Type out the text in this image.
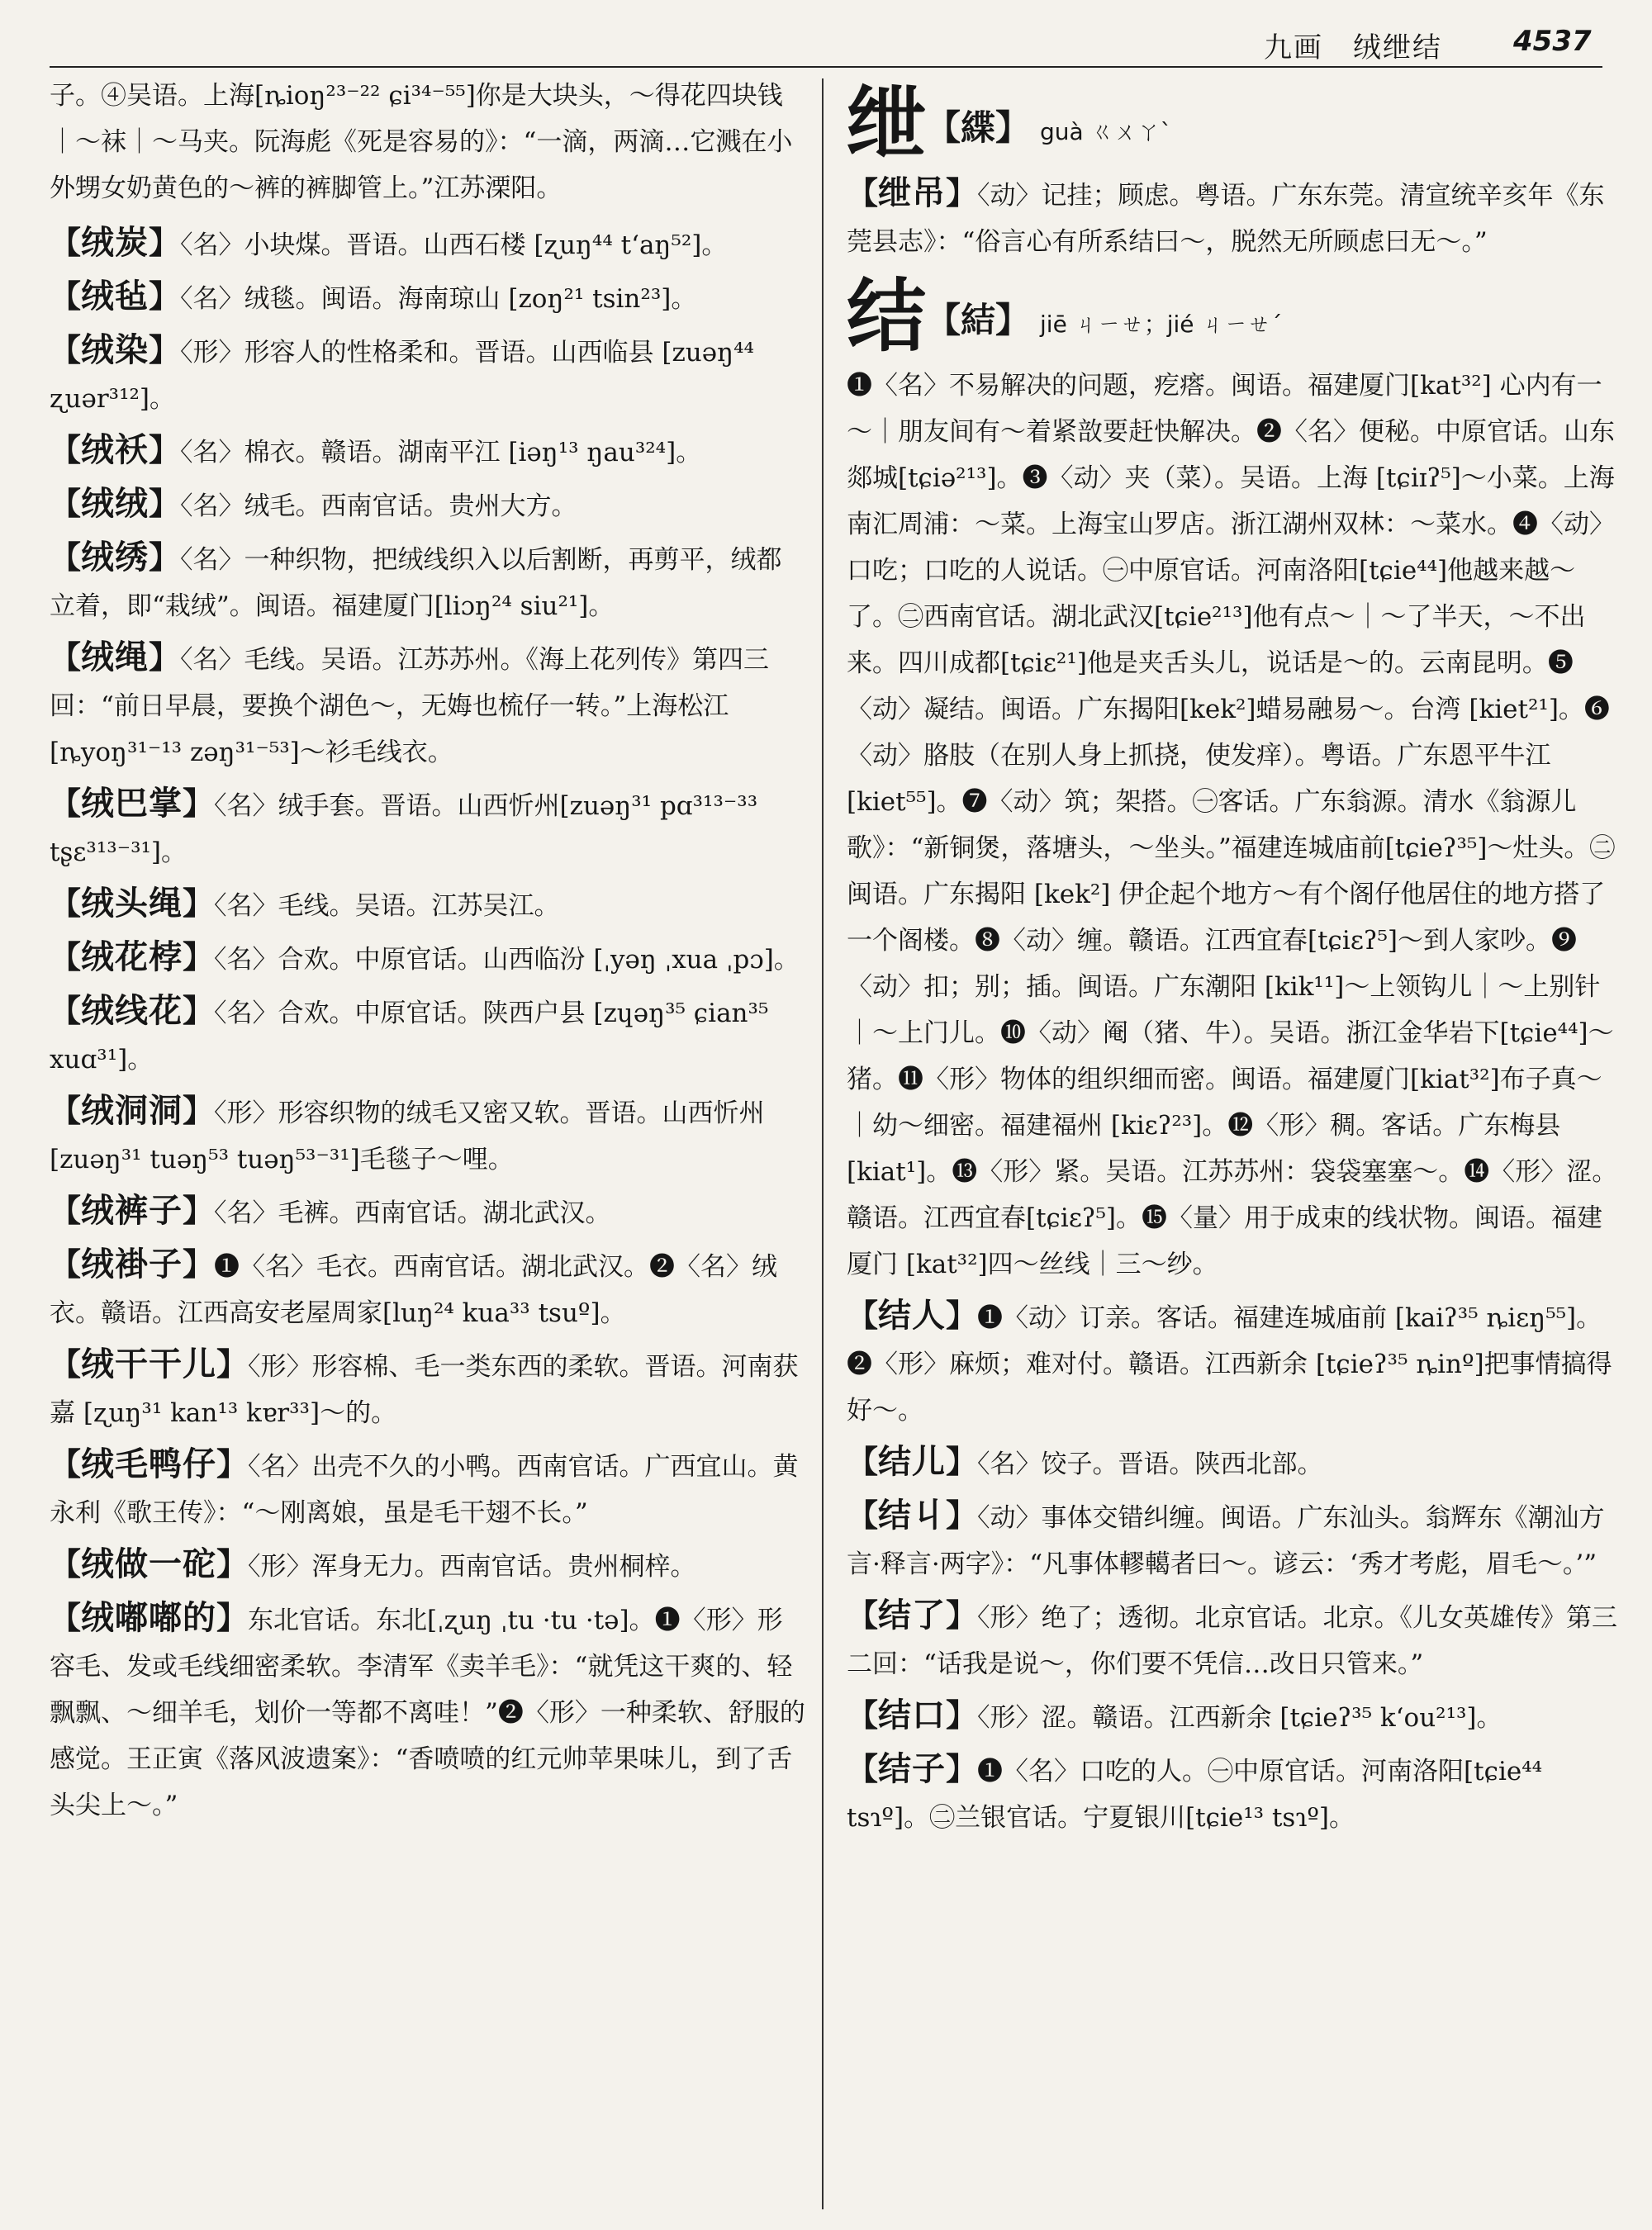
九画　绒绁结	4537
子。④吴语。上海[ȵioŋ²³⁻²² ɕi³⁴⁻⁵⁵]你是大块头，～得花四块钱｜～袜｜～马夹。阮海彪《死是容易的》：“一滴，两滴…它溅在小外甥女奶黄色的～裤的裤脚管上。”江苏溧阳。
【绒炭】〈名〉小块煤。晋语。山西石楼 [ʐuŋ⁴⁴ tʻaŋ⁵²]。
【绒毡】〈名〉绒毯。闽语。海南琼山 [zoŋ²¹ tsin²³]。
【绒染】〈形〉形容人的性格柔和。晋语。山西临县 [zuəŋ⁴⁴ ʐuər³¹²]。
【绒袄】〈名〉棉衣。赣语。湖南平江 [iəŋ¹³ ŋau³²⁴]。
【绒绒】〈名〉绒毛。西南官话。贵州大方。
【绒绣】〈名〉一种织物，把绒线织入以后割断，再剪平，绒都立着，即“栽绒”。闽语。福建厦门[liɔŋ²⁴ siu²¹]。
【绒绳】〈名〉毛线。吴语。江苏苏州。《海上花列传》第四三回：“前日早晨，要换个湖色～，无娒也梳仔一转。”上海松江[ȵyoŋ³¹⁻¹³ zəŋ³¹⁻⁵³]～衫毛线衣。
【绒巴掌】〈名〉绒手套。晋语。山西忻州[zuəŋ³¹ pɑ³¹³⁻³³ tʂɛ³¹³⁻³¹]。
【绒头绳】〈名〉毛线。吴语。江苏吴江。
【绒花桲】〈名〉合欢。中原官话。山西临汾 [ˌyəŋ ˌxua ˌpɔ]。
【绒线花】〈名〉合欢。中原官话。陕西户县 [zɥəŋ³⁵ ɕian³⁵ xuɑ³¹]。
【绒洞洞】〈形〉形容织物的绒毛又密又软。晋语。山西忻州[zuəŋ³¹ tuəŋ⁵³ tuəŋ⁵³⁻³¹]毛毯子～哩。
【绒裤子】〈名〉毛裤。西南官话。湖北武汉。
【绒褂子】❶〈名〉毛衣。西南官话。湖北武汉。❷〈名〉绒衣。赣语。江西高安老屋周家[luŋ²⁴ kua³³ tsuº]。
【绒干干儿】〈形〉形容棉、毛一类东西的柔软。晋语。河南获嘉 [ʐuŋ³¹ kan¹³ kɐr³³]～的。
【绒毛鸭仔】〈名〉出壳不久的小鸭。西南官话。广西宜山。黄永利《歌王传》：“～刚离娘，虽是毛干翅不长。”
【绒做一砣】〈形〉浑身无力。西南官话。贵州桐梓。
【绒嘟嘟的】东北官话。东北[ˌʐuŋ ˌtu ·tu ·tə]。❶〈形〉形容毛、发或毛线细密柔软。李清军《卖羊毛》：“就凭这干爽的、轻飘飘、～细羊毛，划价一等都不离哇！”❷〈形〉一种柔软、舒服的感觉。王正寅《落风波遗案》：“香喷喷的红元帅苹果味儿，到了舌头尖上～。”
绁【緤】 guà ㄍㄨㄚˋ
【绁吊】〈动〉记挂；顾虑。粤语。广东东莞。清宣统辛亥年《东莞县志》：“俗言心有所系结曰～，脱然无所顾虑曰无～。”
结【結】 jiē ㄐㄧㄝ；jié ㄐㄧㄝˊ
❶〈名〉不易解决的问题，疙瘩。闽语。福建厦门[kat³²] 心内有一～｜朋友间有～着紧敨要赶快解决。❷〈名〉便秘。中原官话。山东郯城[tɕiə²¹³]。❸〈动〉夹（菜）。吴语。上海 [tɕiɪʔ⁵]～小菜。上海南汇周浦：～菜。上海宝山罗店。浙江湖州双林：～菜水。❹〈动〉口吃；口吃的人说话。㊀中原官话。河南洛阳[tɕie⁴⁴]他越来越～了。㊁西南官话。湖北武汉[tɕie²¹³]他有点～｜～了半天，～不出来。四川成都[tɕiɛ²¹]他是夹舌头儿，说话是～的。云南昆明。❺〈动〉凝结。闽语。广东揭阳[kek²]蜡易融易～。台湾 [kiet²¹]。❻〈动〉胳肢（在别人身上抓挠，使发痒）。粤语。广东恩平牛江 [kiet⁵⁵]。❼〈动〉筑；架搭。㊀客话。广东翁源。清水《翁源儿歌》：“新铜煲，落塘头，～坐头。”福建连城庙前[tɕieʔ³⁵]～灶头。㊁闽语。广东揭阳 [kek²] 伊企起个地方～有个阁仔他居住的地方搭了一个阁楼。❽〈动〉缠。赣语。江西宜春[tɕiɛʔ⁵]～到人家吵。❾〈动〉扣；别；插。闽语。广东潮阳 [kik¹¹]～上领钩儿｜～上别针｜～上门儿。❿〈动〉阉（猪、牛）。吴语。浙江金华岩下[tɕie⁴⁴]～猪。⓫〈形〉物体的组织细而密。闽语。福建厦门[kiat³²]布子真～｜幼～细密。福建福州 [kiɛʔ²³]。⓬〈形〉稠。客话。广东梅县 [kiat¹]。⓭〈形〉紧。吴语。江苏苏州：袋袋塞塞～。⓮〈形〉涩。赣语。江西宜春[tɕiɛʔ⁵]。⓯〈量〉用于成束的线状物。闽语。福建厦门 [kat³²]四～丝线｜三～纱。
【结人】❶〈动〉订亲。客话。福建连城庙前 [kaiʔ³⁵ ȵiɛŋ⁵⁵]。❷〈形〉麻烦；难对付。赣语。江西新余 [tɕieʔ³⁵ ȵinº]把事情搞得好～。
【结儿】〈名〉饺子。晋语。陕西北部。
【结丩】〈动〉事体交错纠缠。闽语。广东汕头。翁辉东《潮汕方言·释言·两字》：“凡事体轇轕者曰～。谚云：‘秀才考彪，眉毛～。’”
【结了】〈形〉绝了；透彻。北京官话。北京。《儿女英雄传》第三二回：“话我是说～，你们要不凭信…改日只管来。”
【结口】〈形〉涩。赣语。江西新余 [tɕieʔ³⁵ kʻou²¹³]。
【结子】❶〈名〉口吃的人。㊀中原官话。河南洛阳[tɕie⁴⁴ tsɿº]。㊁兰银官话。宁夏银川[tɕie¹³ tsɿº]。
